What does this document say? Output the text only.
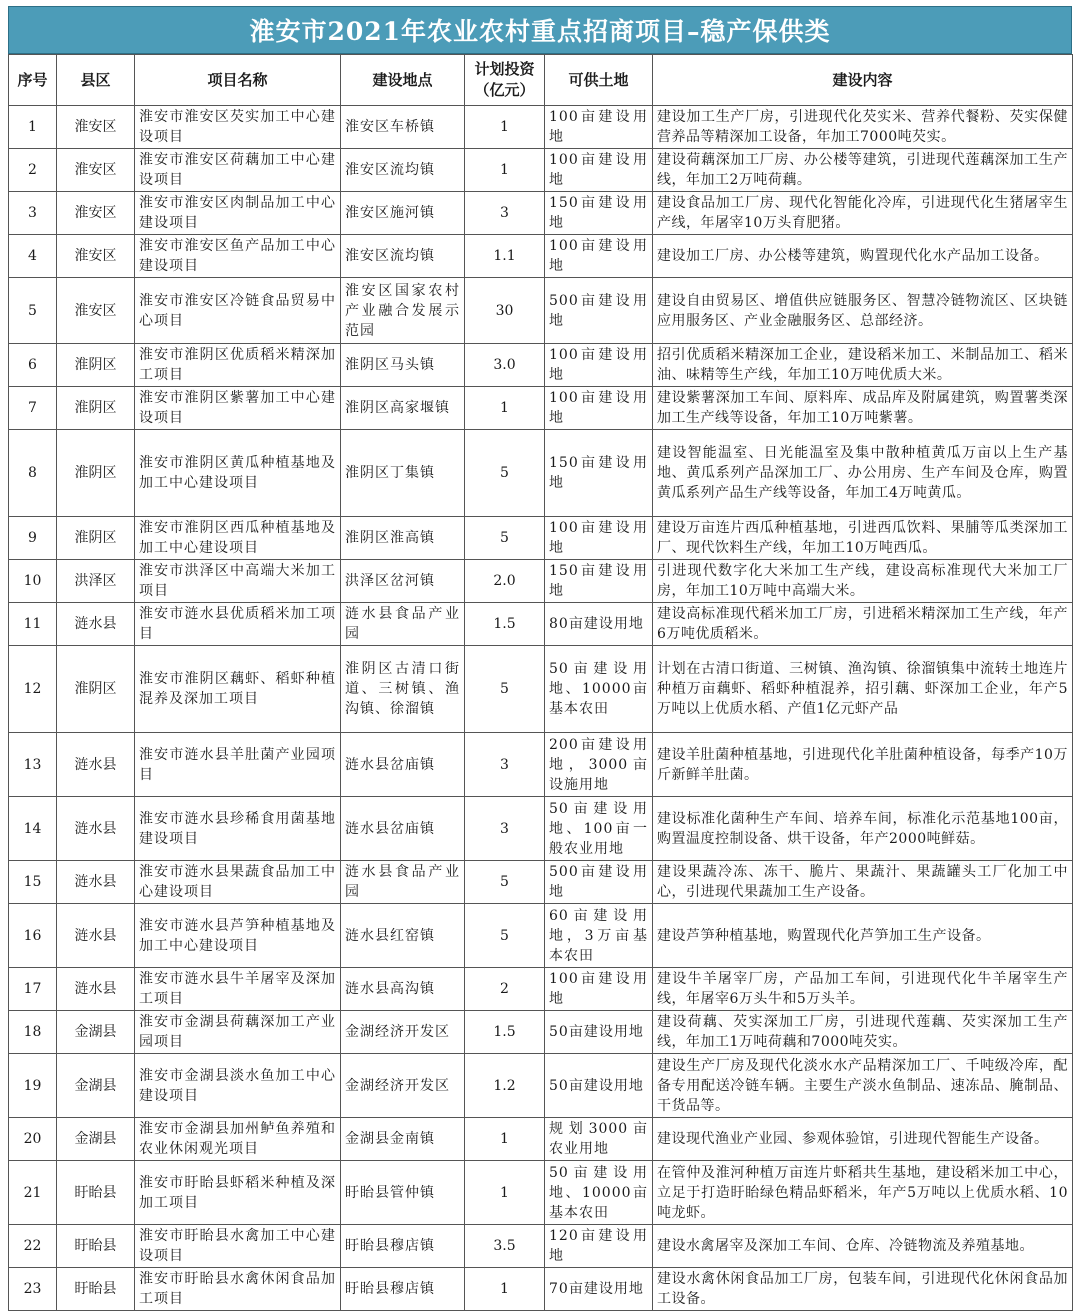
淮安市2021年农业农村重点招商项目–稳产保供类
序号	县区	项目名称	建设地点	计划投资（亿元）	可供土地	建设内容
1	淮安区	淮安市淮安区芡实加工中心建设项目	淮安区车桥镇	1	100亩建设用地	建设加工生产厂房，引进现代化芡实米、营养代餐粉、芡实保健营养品等精深加工设备，年加工7000吨芡实。
2	淮安区	淮安市淮安区荷藕加工中心建设项目	淮安区流均镇	1	100亩建设用地	建设荷藕深加工厂房、办公楼等建筑，引进现代莲藕深加工生产线，年加工2万吨荷藕。
3	淮安区	淮安市淮安区肉制品加工中心建设项目	淮安区施河镇	3	150亩建设用地	建设食品加工厂房、现代化智能化冷库，引进现代化生猪屠宰生产线，年屠宰10万头育肥猪。
4	淮安区	淮安市淮安区鱼产品加工中心建设项目	淮安区流均镇	1.1	100亩建设用地	建设加工厂房、办公楼等建筑，购置现代化水产品加工设备。
5	淮安区	淮安市淮安区冷链食品贸易中心项目	淮安区国家农村产业融合发展示范园	30	500亩建设用地	建设自由贸易区、增值供应链服务区、智慧冷链物流区、区块链应用服务区、产业金融服务区、总部经济。
6	淮阴区	淮安市淮阴区优质稻米精深加工项目	淮阴区马头镇	3.0	100亩建设用地	招引优质稻米精深加工企业，建设稻米加工、米制品加工、稻米油、味精等生产线，年加工10万吨优质大米。
7	淮阴区	淮安市淮阴区紫薯加工中心建设项目	淮阴区高家堰镇	1	100亩建设用地	建设紫薯深加工车间、原料库、成品库及附属建筑，购置薯类深加工生产线等设备，年加工10万吨紫薯。
8	淮阴区	淮安市淮阴区黄瓜种植基地及加工中心建设项目	淮阴区丁集镇	5	150亩建设用地	建设智能温室、日光能温室及集中散种植黄瓜万亩以上生产基地、黄瓜系列产品深加工厂、办公用房、生产车间及仓库，购置黄瓜系列产品生产线等设备，年加工4万吨黄瓜。
9	淮阴区	淮安市淮阴区西瓜种植基地及加工中心建设项目	淮阴区淮高镇	5	100亩建设用地	建设万亩连片西瓜种植基地，引进西瓜饮料、果脯等瓜类深加工厂、现代饮料生产线，年加工10万吨西瓜。
10	洪泽区	淮安市洪泽区中高端大米加工项目	洪泽区岔河镇	2.0	150亩建设用地	引进现代数字化大米加工生产线，建设高标准现代大米加工厂房，年加工10万吨中高端大米。
11	涟水县	淮安市涟水县优质稻米加工项目	涟水县食品产业园	1.5	80亩建设用地	建设高标准现代稻米加工厂房，引进稻米精深加工生产线，年产6万吨优质稻米。
12	淮阴区	淮安市淮阴区藕虾、稻虾种植混养及深加工项目	淮阴区古清口街道、三树镇、渔沟镇、徐溜镇	5	50亩建设用地、10000亩基本农田	计划在古清口街道、三树镇、渔沟镇、徐溜镇集中流转土地连片种植万亩藕虾、稻虾种植混养，招引藕、虾深加工企业，年产5万吨以上优质水稻、产值1亿元虾产品
13	涟水县	淮安市涟水县羊肚菌产业园项目	涟水县岔庙镇	3	200亩建设用地，3000亩设施用地	建设羊肚菌种植基地，引进现代化羊肚菌种植设备，每季产10万斤新鲜羊肚菌。
14	涟水县	淮安市涟水县珍稀食用菌基地建设项目	涟水县岔庙镇	3	50亩建设用地、100亩一般农业用地	建设标准化菌种生产车间、培养车间，标准化示范基地100亩，购置温度控制设备、烘干设备，年产2000吨鲜菇。
15	涟水县	淮安市涟水县果蔬食品加工中心建设项目	涟水县食品产业园	5	500亩建设用地	建设果蔬冷冻、冻干、脆片、果蔬汁、果蔬罐头工厂化加工中心，引进现代果蔬加工生产设备。
16	涟水县	淮安市涟水县芦笋种植基地及加工中心建设项目	涟水县红窑镇	5	60亩建设用地，3万亩基本农田	建设芦笋种植基地，购置现代化芦笋加工生产设备。
17	涟水县	淮安市涟水县牛羊屠宰及深加工项目	涟水县高沟镇	2	100亩建设用地	建设牛羊屠宰厂房，产品加工车间，引进现代化牛羊屠宰生产线，年屠宰6万头牛和5万头羊。
18	金湖县	淮安市金湖县荷藕深加工产业园项目	金湖经济开发区	1.5	50亩建设用地	建设荷藕、芡实深加工厂房，引进现代莲藕、芡实深加工生产线，年加工1万吨荷藕和7000吨芡实。
19	金湖县	淮安市金湖县淡水鱼加工中心建设项目	金湖经济开发区	1.2	50亩建设用地	建设生产厂房及现代化淡水水产品精深加工厂、千吨级冷库，配备专用配送冷链车辆。主要生产淡水鱼制品、速冻品、腌制品、干货品等。
20	金湖县	淮安市金湖县加州鲈鱼养殖和农业休闲观光项目	金湖县金南镇	1	规划3000亩农业用地	建设现代渔业产业园、参观体验馆，引进现代智能生产设备。
21	盱眙县	淮安市盱眙县虾稻米种植及深加工项目	盱眙县管仲镇	1	50亩建设用地、10000亩基本农田	在管仲及淮河种植万亩连片虾稻共生基地，建设稻米加工中心，立足于打造盱眙绿色精品虾稻米，年产5万吨以上优质水稻、10吨龙虾。
22	盱眙县	淮安市盱眙县水禽加工中心建设项目	盱眙县穆店镇	3.5	120亩建设用地	建设水禽屠宰及深加工车间、仓库、冷链物流及养殖基地。
23	盱眙县	淮安市盱眙县水禽休闲食品加工项目	盱眙县穆店镇	1	70亩建设用地	建设水禽休闲食品加工厂房，包装车间，引进现代化休闲食品加工设备。
